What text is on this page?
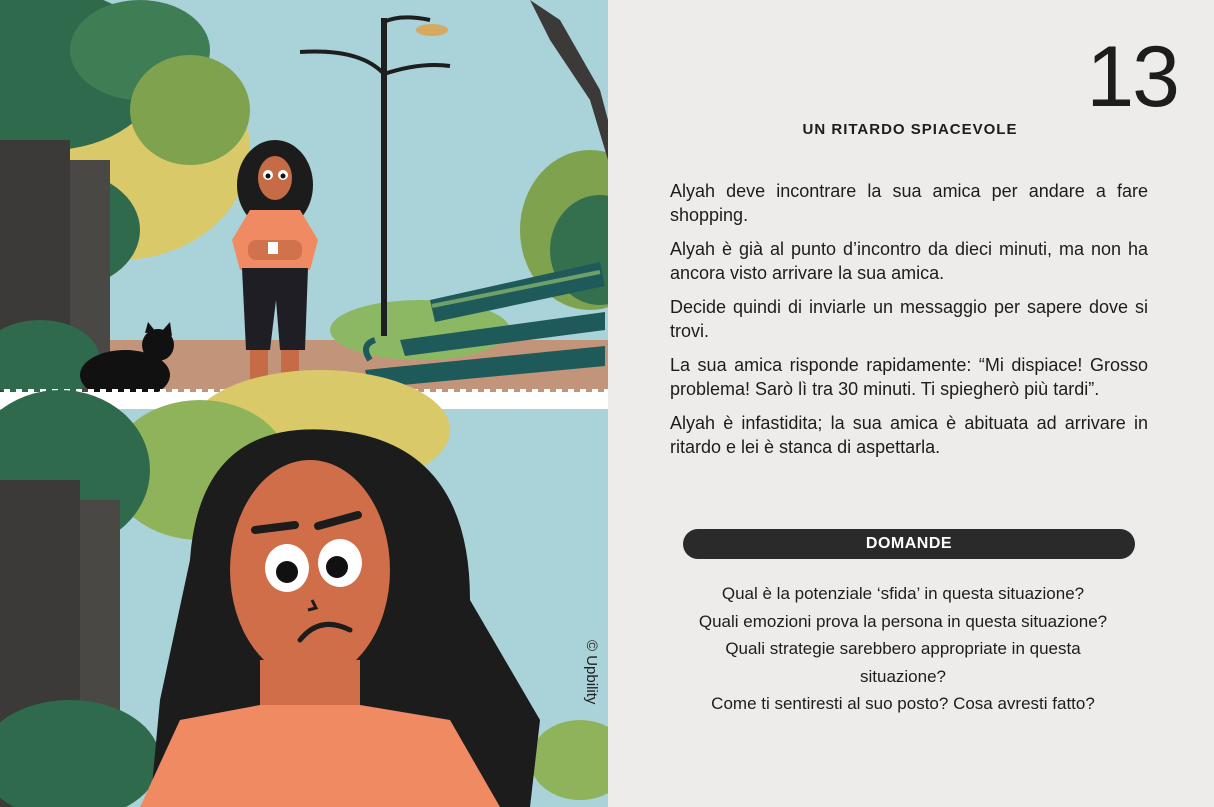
13
UN RITARDO SPIACEVOLE

Alyah deve incontrare la sua amica per andare a fare shopping.

Alyah è già al punto d’incontro da dieci minuti, ma non ha ancora visto arrivare la sua amica.

Decide quindi di inviarle un messaggio per sapere dove si trovi.

La sua amica risponde rapidamente: “Mi dispiace! Grosso problema! Sarò lì tra 30 minuti. Ti spiegherò più tardi”.

Alyah è infastidita; la sua amica è abituata ad arrivare in ritardo e lei è stanca di aspettarla.

DOMANDE
Qual è la potenziale ‘sfida’ in questa situazione?
Quali emozioni prova la persona in questa situazione?
Quali strategie sarebbero appropriate in questa
situazione?
Come ti sentiresti al suo posto? Cosa avresti fatto?
© Upbility
